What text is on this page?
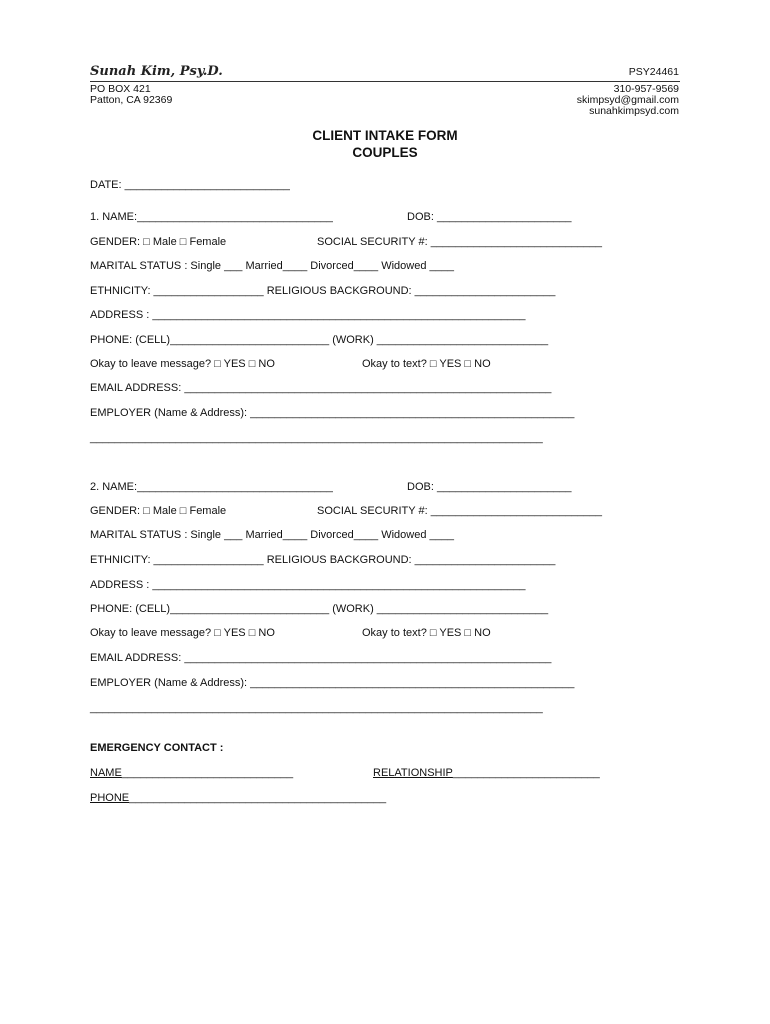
Sunah Kim, Psy.D.	PSY24461
PO BOX 421
Patton, CA 92369
310-957-9569
skimpsyd@gmail.com
sunahkimpsyd.com
CLIENT INTAKE FORM
COUPLES
DATE: ___________________________
1. NAME:________________________________	DOB: ______________________
GENDER: □ Male □ Female	SOCIAL SECURITY #: ____________________________
MARITAL STATUS : Single ___ Married____ Divorced____ Widowed ____
ETHNICITY: __________________ RELIGIOUS BACKGROUND: _______________________
ADDRESS : _____________________________________________________________
PHONE: (CELL)__________________________ (WORK) ____________________________
Okay to leave message? □ YES □ NO	Okay to text? □ YES □ NO
EMAIL ADDRESS: ____________________________________________________________
EMPLOYER (Name & Address): _____________________________________________________
__________________________________________________________________________
2. NAME:________________________________	DOB: ______________________
GENDER: □ Male □ Female	SOCIAL SECURITY #: ____________________________
MARITAL STATUS : Single ___ Married____ Divorced____ Widowed ____
ETHNICITY: __________________ RELIGIOUS BACKGROUND: _______________________
ADDRESS : _____________________________________________________________
PHONE: (CELL)__________________________ (WORK) ____________________________
Okay to leave message? □ YES □ NO	Okay to text? □ YES □ NO
EMAIL ADDRESS: ____________________________________________________________
EMPLOYER (Name & Address): _____________________________________________________
__________________________________________________________________________
EMERGENCY CONTACT :
NAME____________________________	RELATIONSHIP________________________
PHONE__________________________________________
